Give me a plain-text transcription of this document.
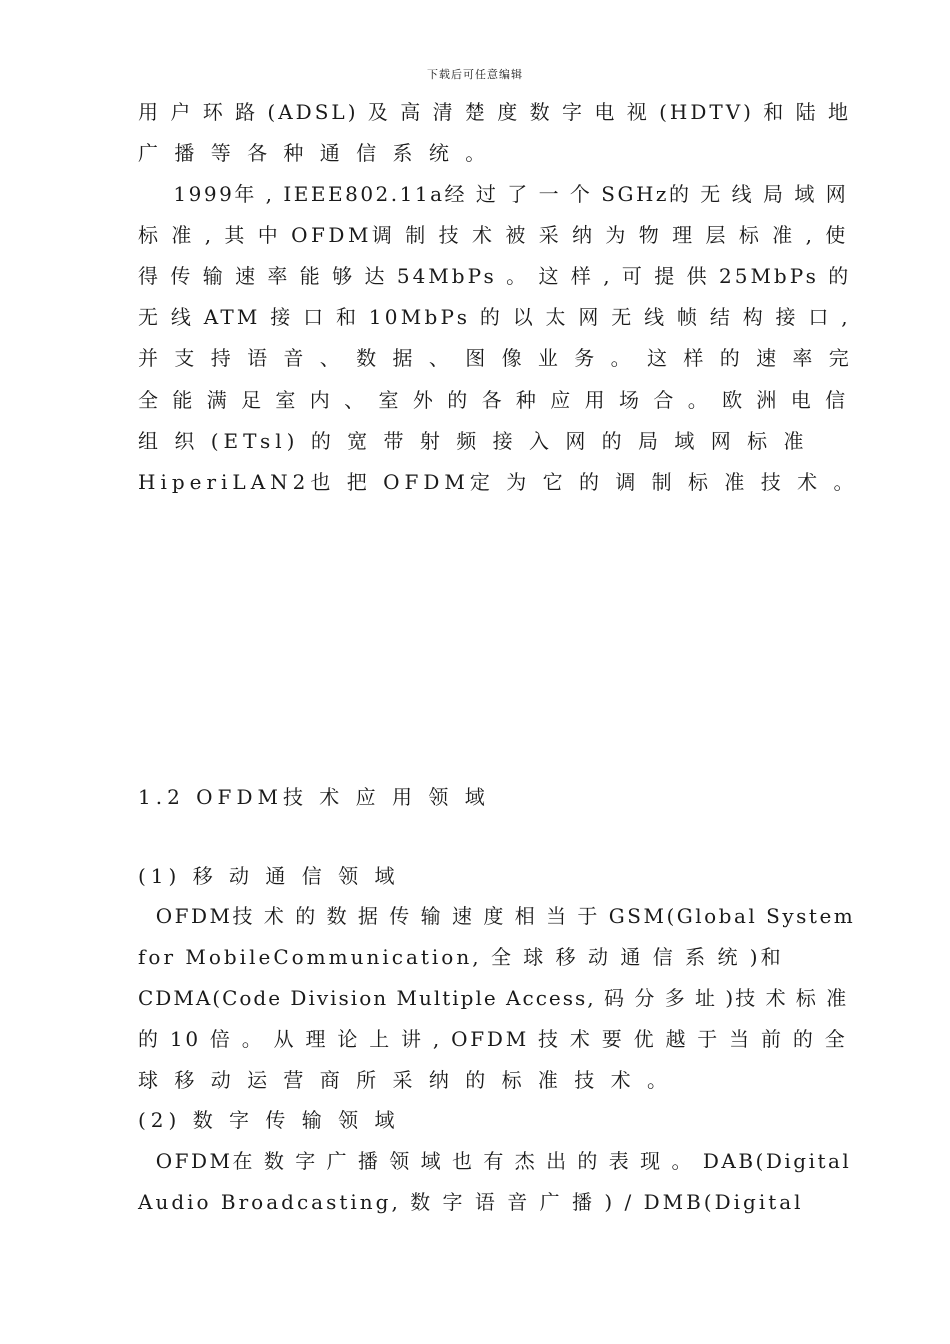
下载后可任意编辑
用 户 环 路 (ADSL) 及 高 清 楚 度 数 字 电 视 (HDTV) 和 陆 地
广 播 等 各 种 通 信 系 统 。
1999年 , IEEE802.11a经 过 了 一 个 SGHz的 无 线 局 域 网
标 准 , 其 中 OFDM调 制 技 术 被 采 纳 为 物 理 层 标 准 , 使
得 传 输 速 率 能 够 达 54MbPs 。 这 样 , 可 提 供 25MbPs 的
无 线 ATM 接 口 和 10MbPs 的 以 太 网 无 线 帧 结 构 接 口 ,
并 支 持 语 音 、 数 据 、 图 像 业 务 。 这 样 的 速 率 完
全 能 满 足 室 内 、 室 外 的 各 种 应 用 场 合 。 欧 洲 电 信
组 织 (ETsl) 的 宽 带 射 频 接 入 网 的 局 域 网 标 准
HiperiLAN2也 把 OFDM定 为 它 的 调 制 标 准 技 术 。
1.2 OFDM技 术 应 用 领 域
(1) 移 动 通 信 领 域
OFDM技 术 的 数 据 传 输 速 度 相 当 于 GSM(Global System
for MobileCommunication, 全 球 移 动 通 信 系 统 )和
CDMA(Code Division Multiple Access, 码 分 多 址 )技 术 标 准
的 10 倍 。 从 理 论 上 讲 , OFDM 技 术 要 优 越 于 当 前 的 全
球 移 动 运 营 商 所 采 纳 的 标 准 技 术 。
(2) 数 字 传 输 领 域
OFDM在 数 字 广 播 领 域 也 有 杰 出 的 表 现 。 DAB(Digital
Audio Broadcasting, 数 字 语 音 广 播 ) / DMB(Digital
